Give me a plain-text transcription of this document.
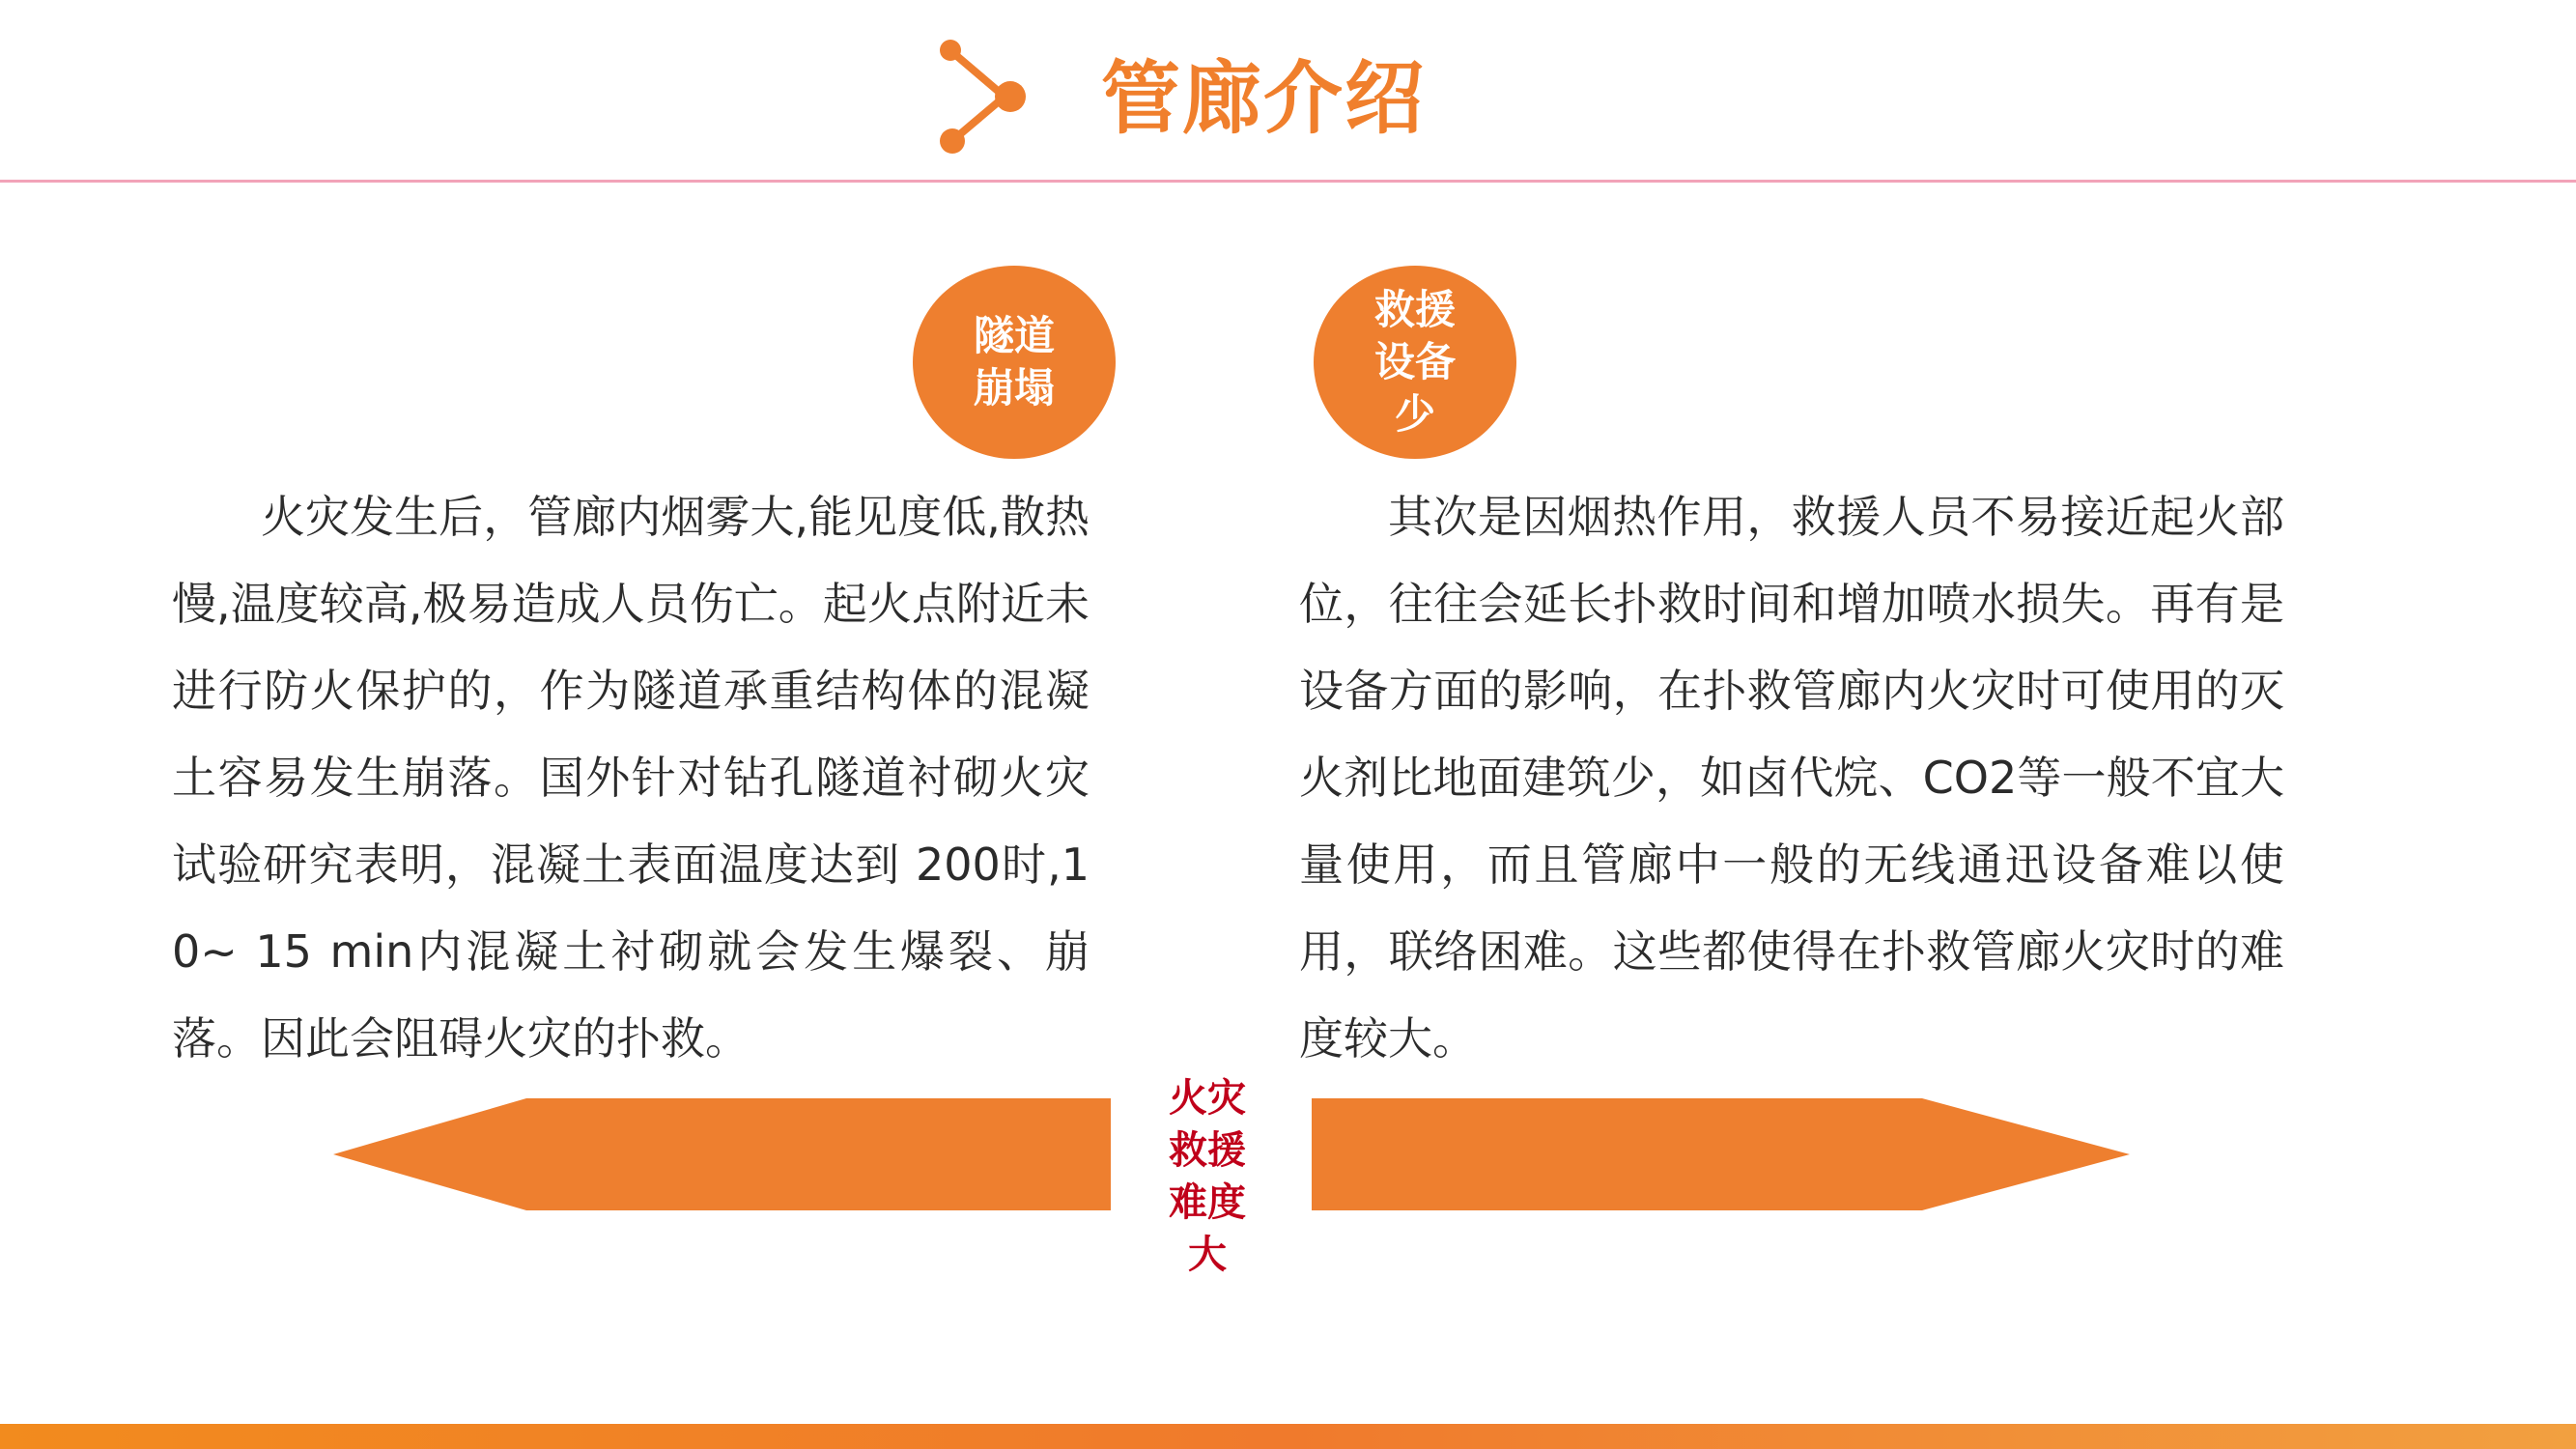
管廊介绍
隧道崩塌
救援设备少
火灾发生后，管廊内烟雾大,能见度低,散热慢,温度较高,极易造成人员伤亡。起火点附近未进行防火保护的，作为隧道承重结构体的混凝土容易发生崩落。国外针对钻孔隧道衬砌火灾试验研究表明，混凝土表面温度达到 200时,10~ 15 min内混凝土衬砌就会发生爆裂、崩落。因此会阻碍火灾的扑救。
其次是因烟热作用，救援人员不易接近起火部位，往往会延长扑救时间和增加喷水损失。再有是设备方面的影响，在扑救管廊内火灾时可使用的灭火剂比地面建筑少，如卤代烷、CO2等一般不宜大量使用，而且管廊中一般的无线通迅设备难以使用，联络困难。这些都使得在扑救管廊火灾时的难度较大。
火灾救援难度大
